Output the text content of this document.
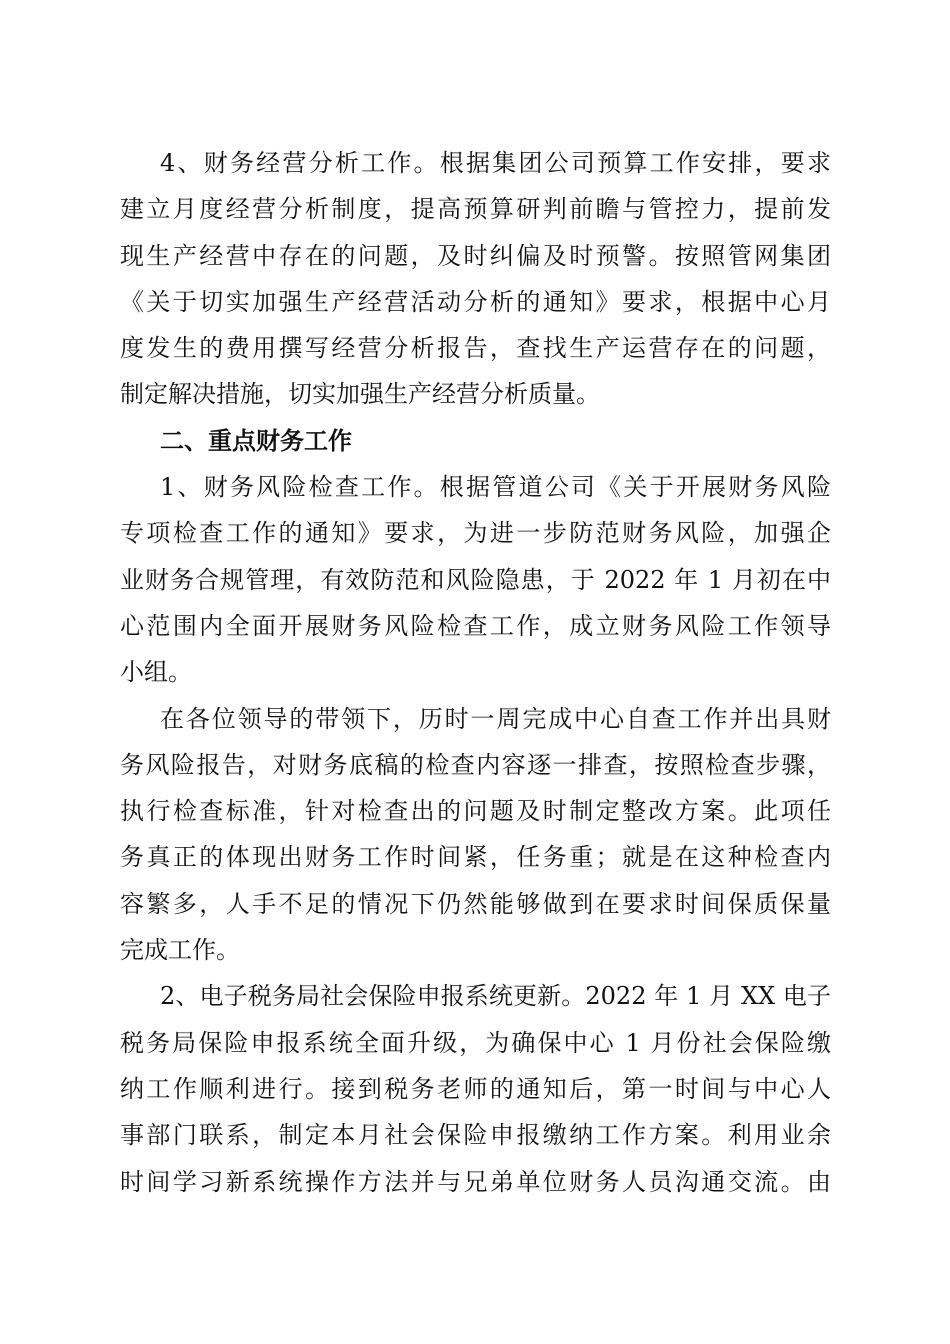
4、财务经营分析工作。根据集团公司预算工作安排，要求
建立月度经营分析制度，提高预算研判前瞻与管控力，提前发
现生产经营中存在的问题，及时纠偏及时预警。按照管网集团
《关于切实加强生产经营活动分析的通知》要求，根据中心月
度发生的费用撰写经营分析报告，查找生产运营存在的问题，
制定解决措施，切实加强生产经营分析质量。
二、重点财务工作
1、财务风险检查工作。根据管道公司《关于开展财务风险
专项检查工作的通知》要求，为进一步防范财务风险，加强企
业财务合规管理，有效防范和风险隐患，于 2022 年 1 月初在中
心范围内全面开展财务风险检查工作，成立财务风险工作领导
小组。
在各位领导的带领下，历时一周完成中心自查工作并出具财
务风险报告，对财务底稿的检查内容逐一排查，按照检查步骤，
执行检查标准，针对检查出的问题及时制定整改方案。此项任
务真正的体现出财务工作时间紧，任务重；就是在这种检查内
容繁多，人手不足的情况下仍然能够做到在要求时间保质保量
完成工作。
2、电子税务局社会保险申报系统更新。2022 年 1 月 XX 电子
税务局保险申报系统全面升级，为确保中心 1 月份社会保险缴
纳工作顺利进行。接到税务老师的通知后，第一时间与中心人
事部门联系，制定本月社会保险申报缴纳工作方案。利用业余
时间学习新系统操作方法并与兄弟单位财务人员沟通交流。由
